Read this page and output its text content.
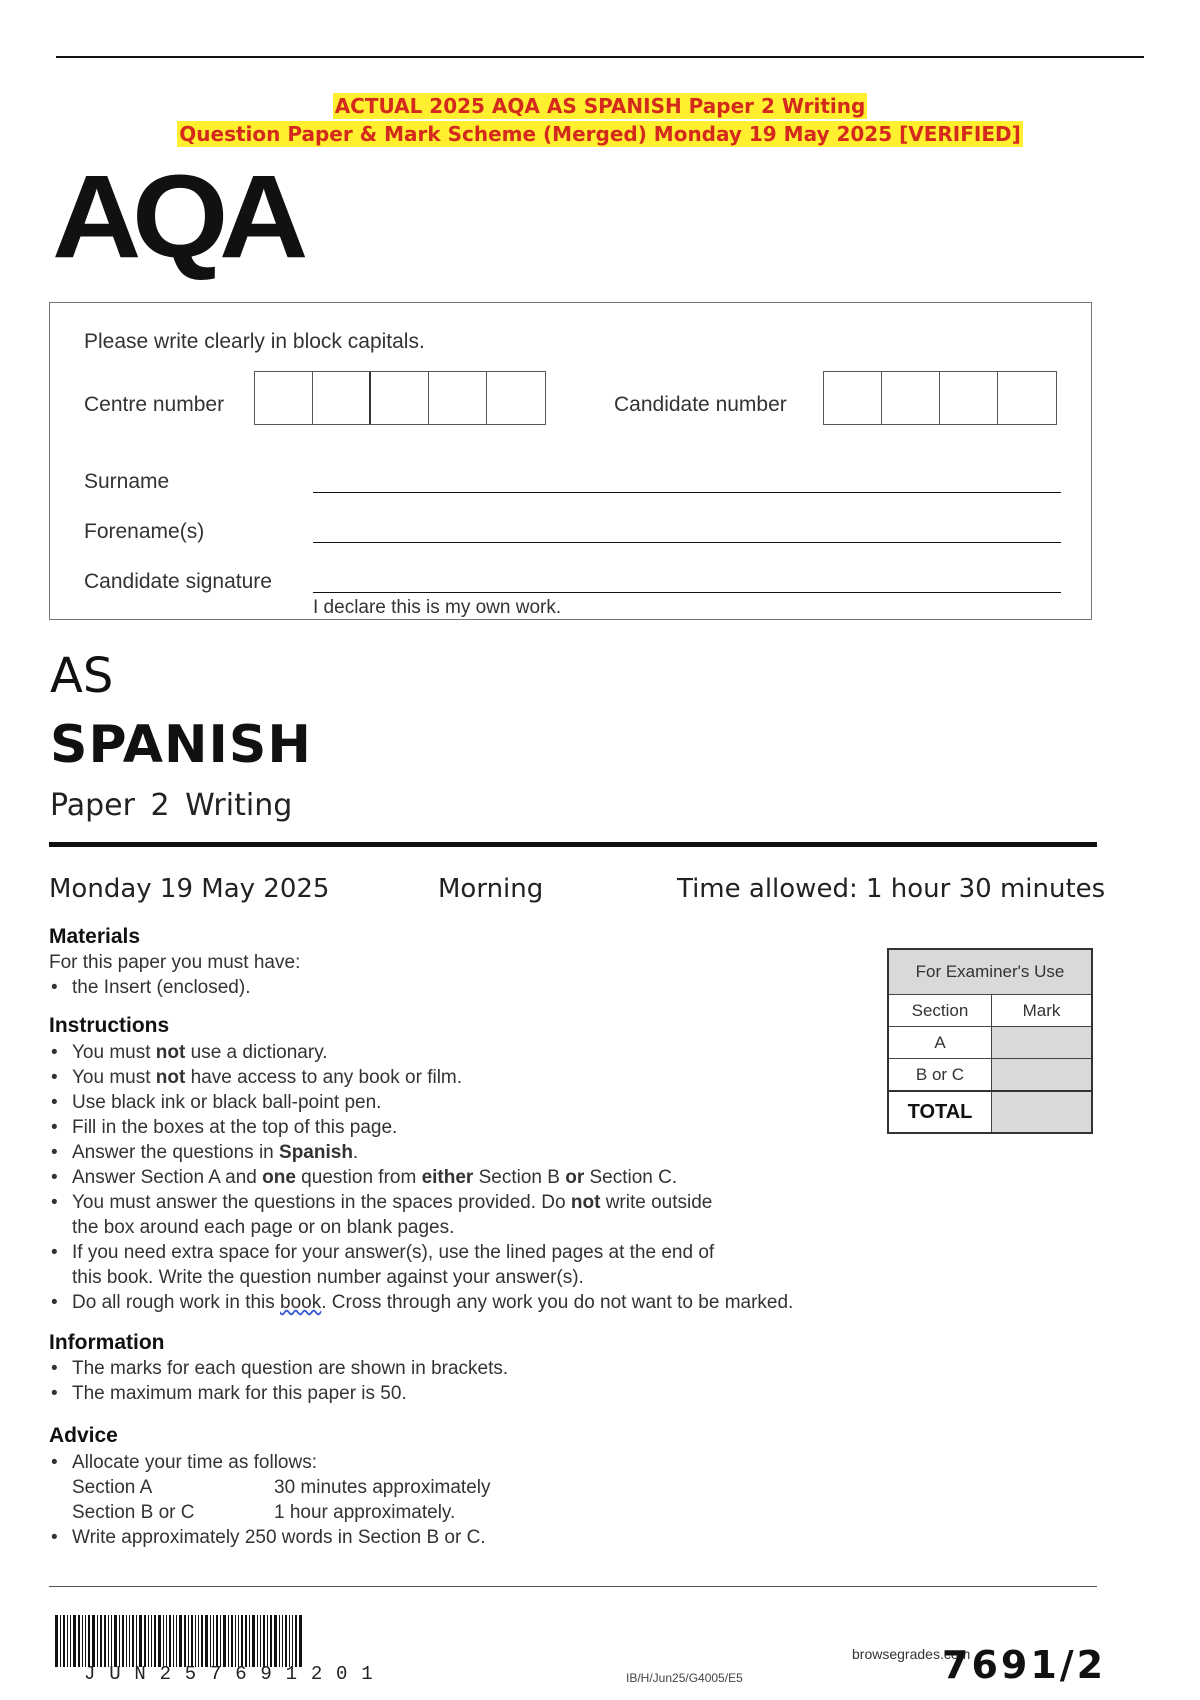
ACTUAL 2025 AQA AS SPANISH Paper 2 Writing
Question Paper & Mark Scheme (Merged) Monday 19 May 2025 [VERIFIED]
AQA
Please write clearly in block capitals.
Centre number	Candidate number
Surname
Forename(s)
Candidate signature
I declare this is my own work.
AS
SPANISH
Paper 2 Writing
Monday 19 May 2025	Morning	Time allowed: 1 hour 30 minutes
Materials
For this paper you must have:
• the Insert (enclosed).
Instructions
• You must not use a dictionary.
• You must not have access to any book or film.
• Use black ink or black ball-point pen.
• Fill in the boxes at the top of this page.
• Answer the questions in Spanish.
• Answer Section A and one question from either Section B or Section C.
• You must answer the questions in the spaces provided. Do not write outside
the box around each page or on blank pages.
• If you need extra space for your answer(s), use the lined pages at the end of
this book. Write the question number against your answer(s).
• Do all rough work in this book. Cross through any work you do not want to be marked.
Information
• The marks for each question are shown in brackets.
• The maximum mark for this paper is 50.
Advice
• Allocate your time as follows:
Section A	30 minutes approximately
Section B or C	1 hour approximately.
• Write approximately 250 words in Section B or C.
For Examiner's Use	
Section	Mark
A	
B or C	
TOTAL	
JUN257691201	IB/H/Jun25/G4005/E5
browsegrades.com
7691/2
